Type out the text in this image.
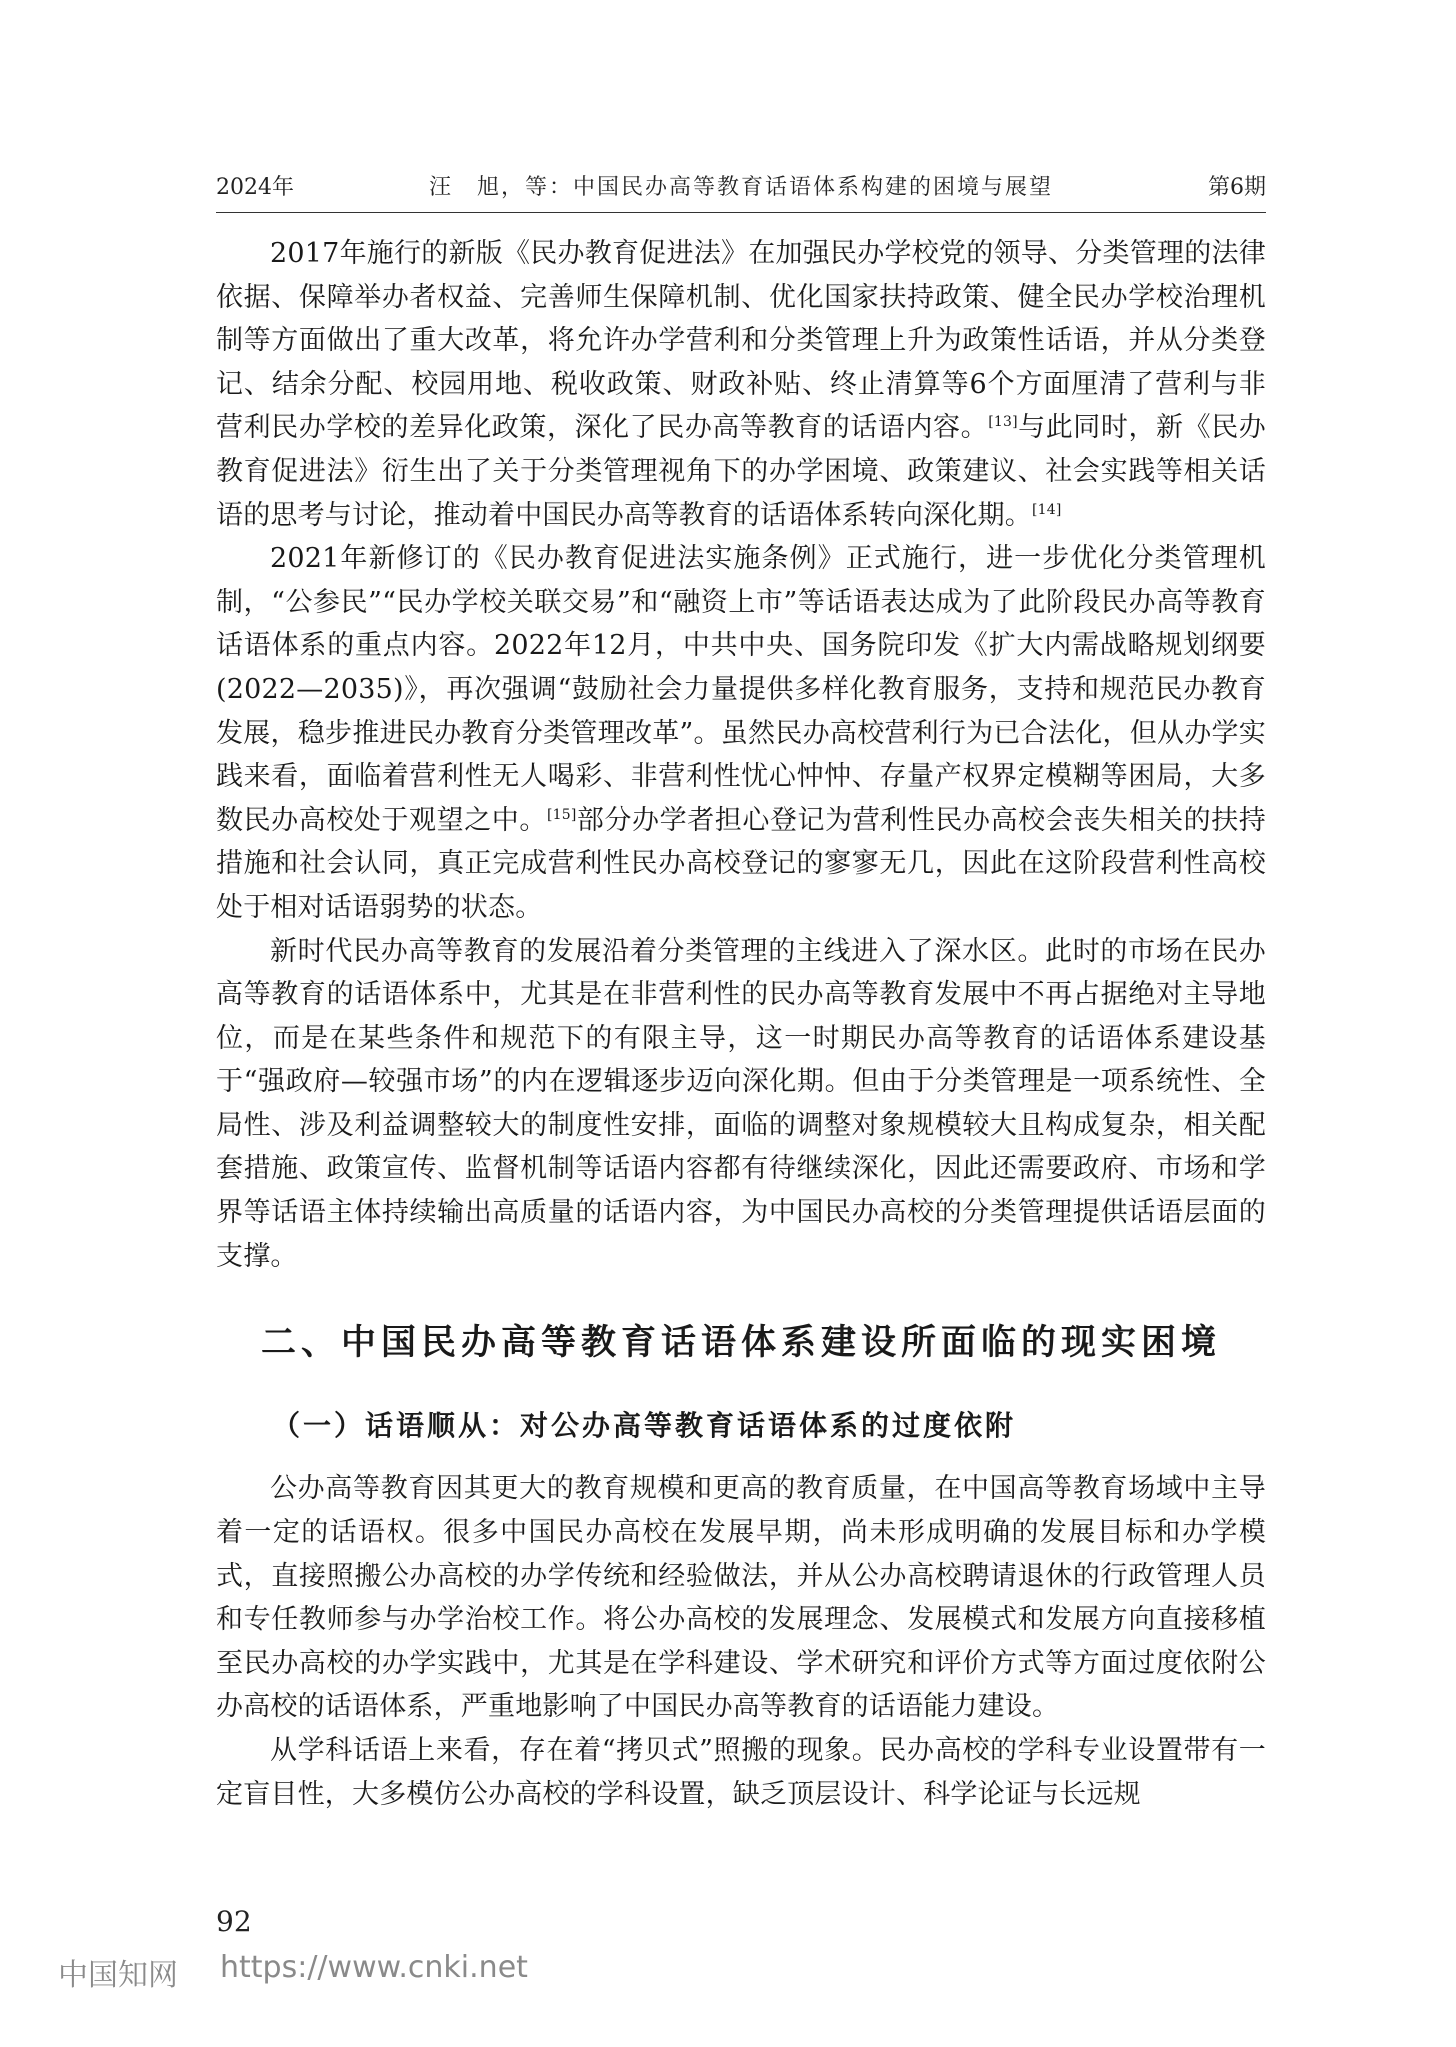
2024年	汪　旭，等：中国民办高等教育话语体系构建的困境与展望	第6期

2017年施行的新版《民办教育促进法》在加强民办学校党的领导、分类管理的法律依据、保障举办者权益、完善师生保障机制、优化国家扶持政策、健全民办学校治理机制等方面做出了重大改革，将允许办学营利和分类管理上升为政策性话语，并从分类登记、结余分配、校园用地、税收政策、财政补贴、终止清算等6个方面厘清了营利与非营利民办学校的差异化政策，深化了民办高等教育的话语内容。[13]与此同时，新《民办教育促进法》衍生出了关于分类管理视角下的办学困境、政策建议、社会实践等相关话语的思考与讨论，推动着中国民办高等教育的话语体系转向深化期。[14]

2021年新修订的《民办教育促进法实施条例》正式施行，进一步优化分类管理机制，“公参民”“民办学校关联交易”和“融资上市”等话语表达成为了此阶段民办高等教育话语体系的重点内容。2022年12月，中共中央、国务院印发《扩大内需战略规划纲要(2022—2035)》，再次强调“鼓励社会力量提供多样化教育服务，支持和规范民办教育发展，稳步推进民办教育分类管理改革”。虽然民办高校营利行为已合法化，但从办学实践来看，面临着营利性无人喝彩、非营利性忧心忡忡、存量产权界定模糊等困局，大多数民办高校处于观望之中。[15]部分办学者担心登记为营利性民办高校会丧失相关的扶持措施和社会认同，真正完成营利性民办高校登记的寥寥无几，因此在这阶段营利性高校处于相对话语弱势的状态。

新时代民办高等教育的发展沿着分类管理的主线进入了深水区。此时的市场在民办高等教育的话语体系中，尤其是在非营利性的民办高等教育发展中不再占据绝对主导地位，而是在某些条件和规范下的有限主导，这一时期民办高等教育的话语体系建设基于“强政府—较强市场”的内在逻辑逐步迈向深化期。但由于分类管理是一项系统性、全局性、涉及利益调整较大的制度性安排，面临的调整对象规模较大且构成复杂，相关配套措施、政策宣传、监督机制等话语内容都有待继续深化，因此还需要政府、市场和学界等话语主体持续输出高质量的话语内容，为中国民办高校的分类管理提供话语层面的支撑。

二、中国民办高等教育话语体系建设所面临的现实困境
（一）话语顺从：对公办高等教育话语体系的过度依附

公办高等教育因其更大的教育规模和更高的教育质量，在中国高等教育场域中主导着一定的话语权。很多中国民办高校在发展早期，尚未形成明确的发展目标和办学模式，直接照搬公办高校的办学传统和经验做法，并从公办高校聘请退休的行政管理人员和专任教师参与办学治校工作。将公办高校的发展理念、发展模式和发展方向直接移植至民办高校的办学实践中，尤其是在学科建设、学术研究和评价方式等方面过度依附公办高校的话语体系，严重地影响了中国民办高等教育的话语能力建设。

从学科话语上来看，存在着“拷贝式”照搬的现象。民办高校的学科专业设置带有一定盲目性，大多模仿公办高校的学科设置，缺乏顶层设计、科学论证与长远规

92
中国知网 https://www.cnki.net
